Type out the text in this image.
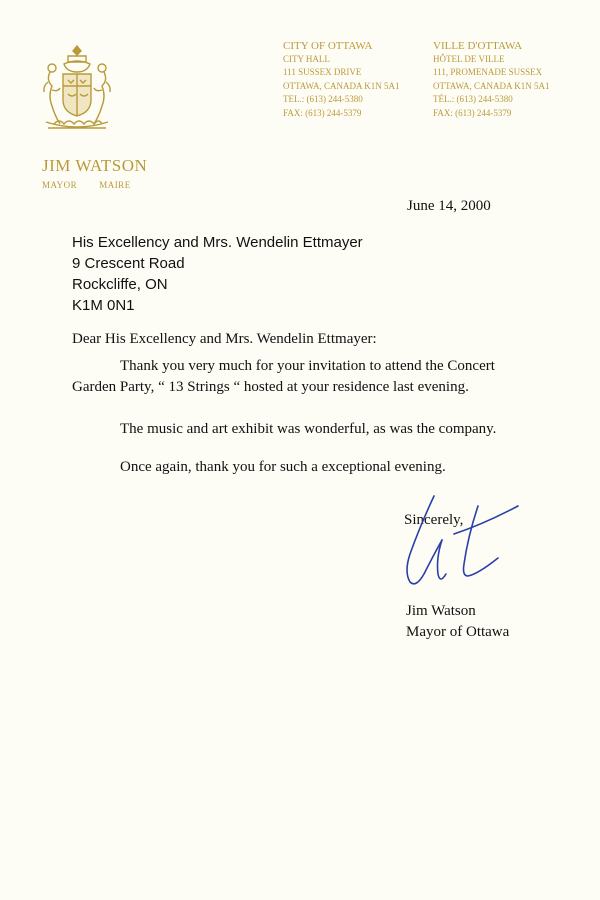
JIM WATSON
MAYOR MAIRE
CITY OF OTTAWA
CITY HALL
111 SUSSEX DRIVE
OTTAWA, CANADA K1N 5A1
TEL.: (613) 244-5380
FAX: (613) 244-5379
VILLE D'OTTAWA
HÔTEL DE VILLE
111, PROMENADE SUSSEX
OTTAWA, CANADA K1N 5A1
TÉL.: (613) 244-5380
FAX: (613) 244-5379
June 14, 2000
His Excellency and Mrs. Wendelin Ettmayer
9 Crescent Road
Rockcliffe, ON
K1M 0N1
Dear His Excellency and Mrs. Wendelin Ettmayer:

Thank you very much for your invitation to attend the Concert Garden Party, “ 13 Strings “ hosted at your residence last evening.

The music and art exhibit was wonderful, as was the company.

Once again, thank you for such a exceptional evening.

Sincerely,
Jim Watson
Mayor of Ottawa
